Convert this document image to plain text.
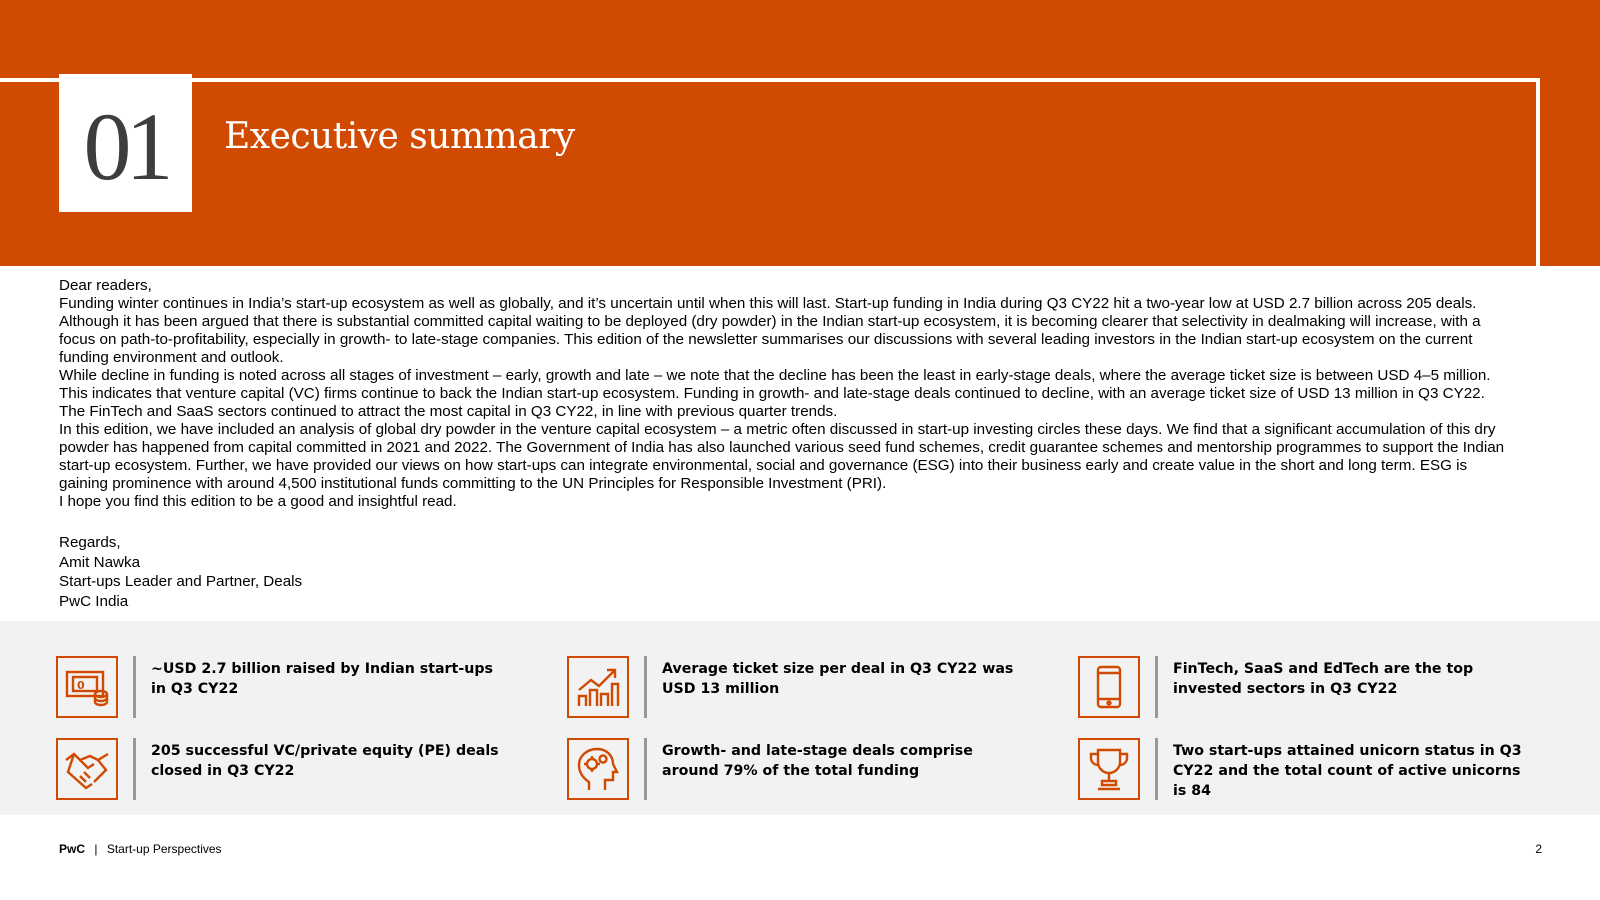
01 Executive summary

Dear readers,

Funding winter continues in India’s start-up ecosystem as well as globally, and it’s uncertain until when this will last. Start-up funding in India during Q3 CY22 hit a two-year low at USD 2.7 billion across 205 deals. Although it has been argued that there is substantial committed capital waiting to be deployed (dry powder) in the Indian start-up ecosystem, it is becoming clearer that selectivity in dealmaking will increase, with a focus on path-to-profitability, especially in growth- to late-stage companies. This edition of the newsletter summarises our discussions with several leading investors in the Indian start-up ecosystem on the current funding environment and outlook.

While decline in funding is noted across all stages of investment – early, growth and late – we note that the decline has been the least in early-stage deals, where the average ticket size is between USD 4–5 million. This indicates that venture capital (VC) firms continue to back the Indian start-up ecosystem. Funding in growth- and late-stage deals continued to decline, with an average ticket size of USD 13 million in Q3 CY22. The FinTech and SaaS sectors continued to attract the most capital in Q3 CY22, in line with previous quarter trends.

In this edition, we have included an analysis of global dry powder in the venture capital ecosystem – a metric often discussed in start-up investing circles these days. We find that a significant accumulation of this dry powder has happened from capital committed in 2021 and 2022. The Government of India has also launched various seed fund schemes, credit guarantee schemes and mentorship programmes to support the Indian start-up ecosystem. Further, we have provided our views on how start-ups can integrate environmental, social and governance (ESG) into their business early and create value in the short and long term. ESG is gaining prominence with around 4,500 institutional funds committing to the UN Principles for Responsible Investment (PRI).

I hope you find this edition to be a good and insightful read.

Regards,

Amit Nawka

Start-ups Leader and Partner, Deals

PwC India

0
~USD 2.7 billion raised by Indian start-ups in Q3 CY22
Average ticket size per deal in Q3 CY22 was USD 13 million
FinTech, SaaS and EdTech are the top invested sectors in Q3 CY22
205 successful VC/private equity (PE) deals closed in Q3 CY22
Growth- and late-stage deals comprise around 79% of the total funding
Two start-ups attained unicorn status in Q3 CY22 and the total count of active unicorns is 84
PwC | Start-up Perspectives	2
